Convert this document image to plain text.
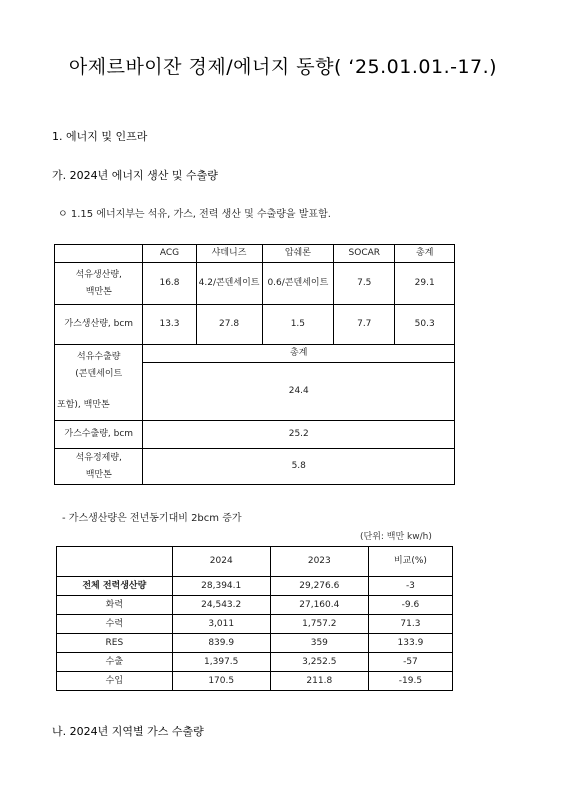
아제르바이잔 경제/에너지 동향( ‘25.01.01.-17.)
1. 에너지 및 인프라
가. 2024년 에너지 생산 및 수출량
ㅇ 1.15 에너지부는 석유, 가스, 전력 생산 및 수출량을 발표함.
	ACG	샤데니즈	압쉐론	SOCAR	총계

석유생산량,
백만톤	16.8	4.2/콘덴세이트	0.6/콘덴세이트	7.5	29.1
가스생산량, bcm	13.3	27.8	1.5	7.7	50.3

석유수출량
(콘덴세이트
포함), 백만톤	총계				
	24.4				
가스수출량, bcm	25.2				

석유정제량,
백만톤	5.8				
- 가스생산량은 전년동기대비 2bcm 증가
(단위: 백만 kw/h)
	2024	2023	비교(%)
전체 전력생산량	28,394.1	29,276.6	-3
화력	24,543.2	27,160.4	-9.6
수력	3,011	1,757.2	71.3
RES	839.9	359	133.9
수출	1,397.5	3,252.5	-57
수입	170.5	211.8	-19.5
나. 2024년 지역별 가스 수출량
